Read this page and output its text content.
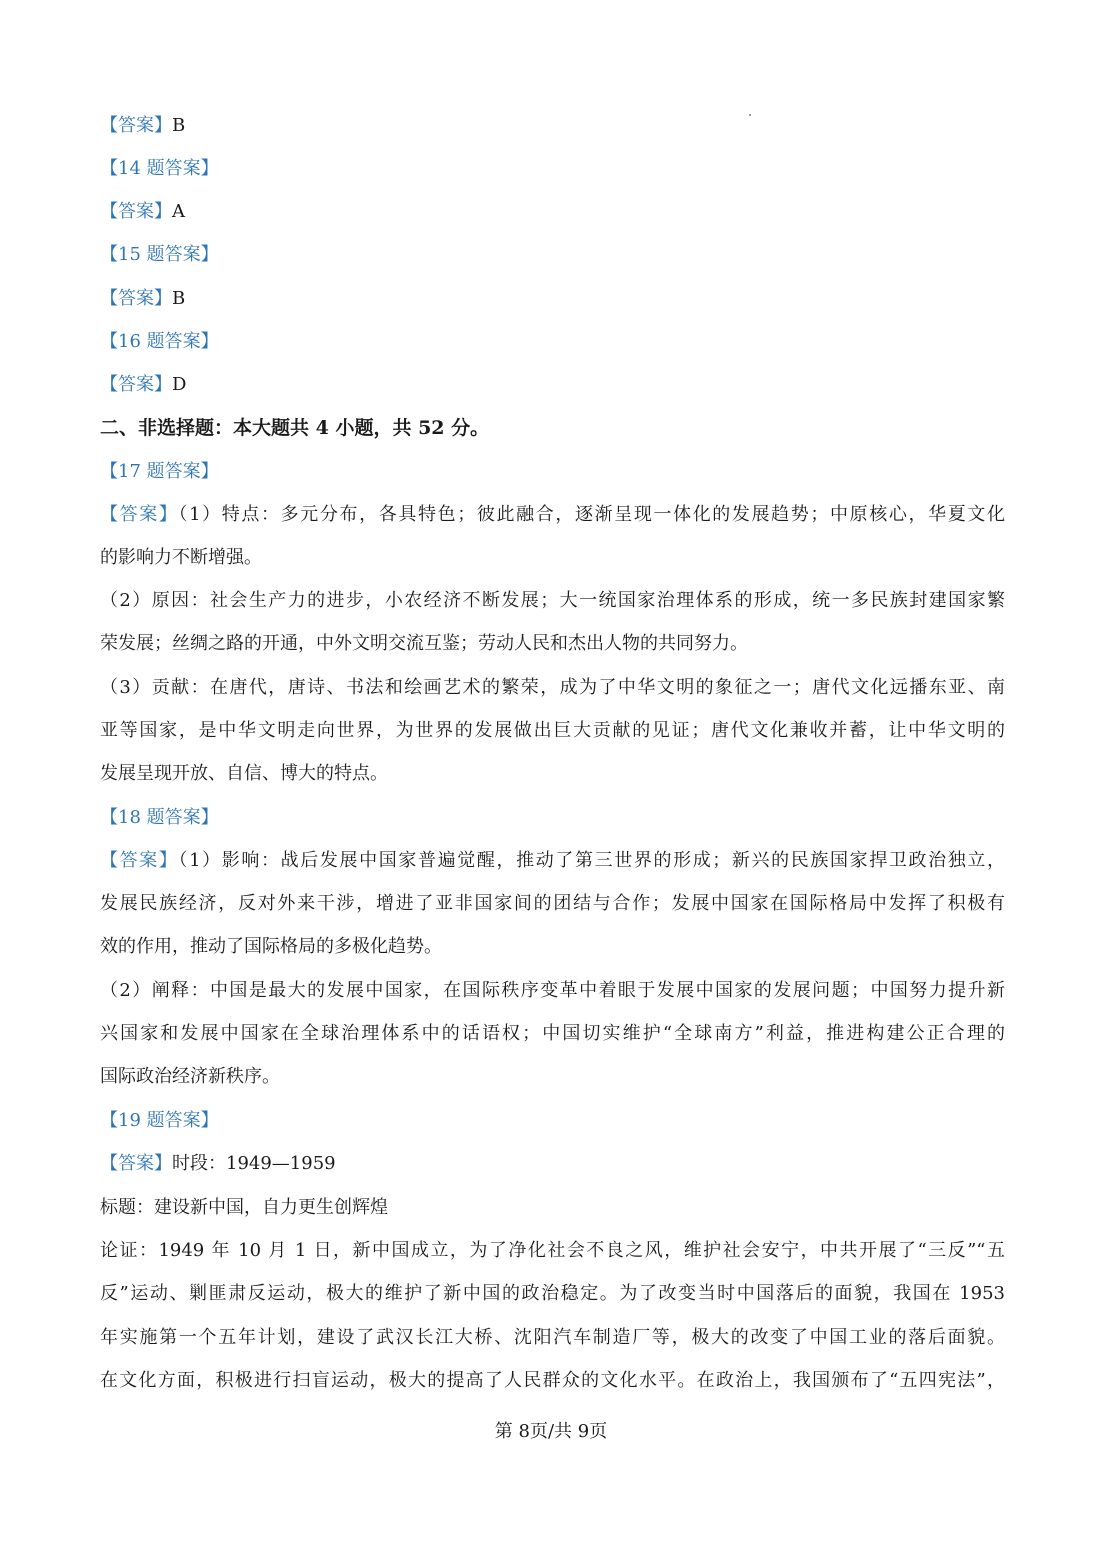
【答案】B
【14 题答案】
【答案】A
【15 题答案】
【答案】B
【16 题答案】
【答案】D
二、非选择题：本大题共 4 小题，共 52 分。
【17 题答案】
【答案】（1）特点：多元分布，各具特色；彼此融合，逐渐呈现一体化的发展趋势；中原核心，华夏文化
的影响力不断增强。
（2）原因：社会生产力的进步，小农经济不断发展；大一统国家治理体系的形成，统一多民族封建国家繁
荣发展；丝绸之路的开通，中外文明交流互鉴；劳动人民和杰出人物的共同努力。
（3）贡献：在唐代，唐诗、书法和绘画艺术的繁荣，成为了中华文明的象征之一；唐代文化远播东亚、南
亚等国家，是中华文明走向世界，为世界的发展做出巨大贡献的见证；唐代文化兼收并蓄，让中华文明的
发展呈现开放、自信、博大的特点。
【18 题答案】
【答案】（1）影响：战后发展中国家普遍觉醒，推动了第三世界的形成；新兴的民族国家捍卫政治独立，
发展民族经济，反对外来干涉，增进了亚非国家间的团结与合作；发展中国家在国际格局中发挥了积极有
效的作用，推动了国际格局的多极化趋势。
（2）阐释：中国是最大的发展中国家，在国际秩序变革中着眼于发展中国家的发展问题；中国努力提升新
兴国家和发展中国家在全球治理体系中的话语权；中国切实维护“全球南方”利益，推进构建公正合理的
国际政治经济新秩序。
【19 题答案】
【答案】时段：1949—1959
标题：建设新中国，自力更生创辉煌
论证：1949 年 10 月 1 日，新中国成立，为了净化社会不良之风，维护社会安宁，中共开展了“三反”“五
反”运动、剿匪肃反运动，极大的维护了新中国的政治稳定。为了改变当时中国落后的面貌，我国在 1953
年实施第一个五年计划，建设了武汉长江大桥、沈阳汽车制造厂等，极大的改变了中国工业的落后面貌。
在文化方面，积极进行扫盲运动，极大的提高了人民群众的文化水平。在政治上，我国颁布了“五四宪法”，
第 8页/共 9页
